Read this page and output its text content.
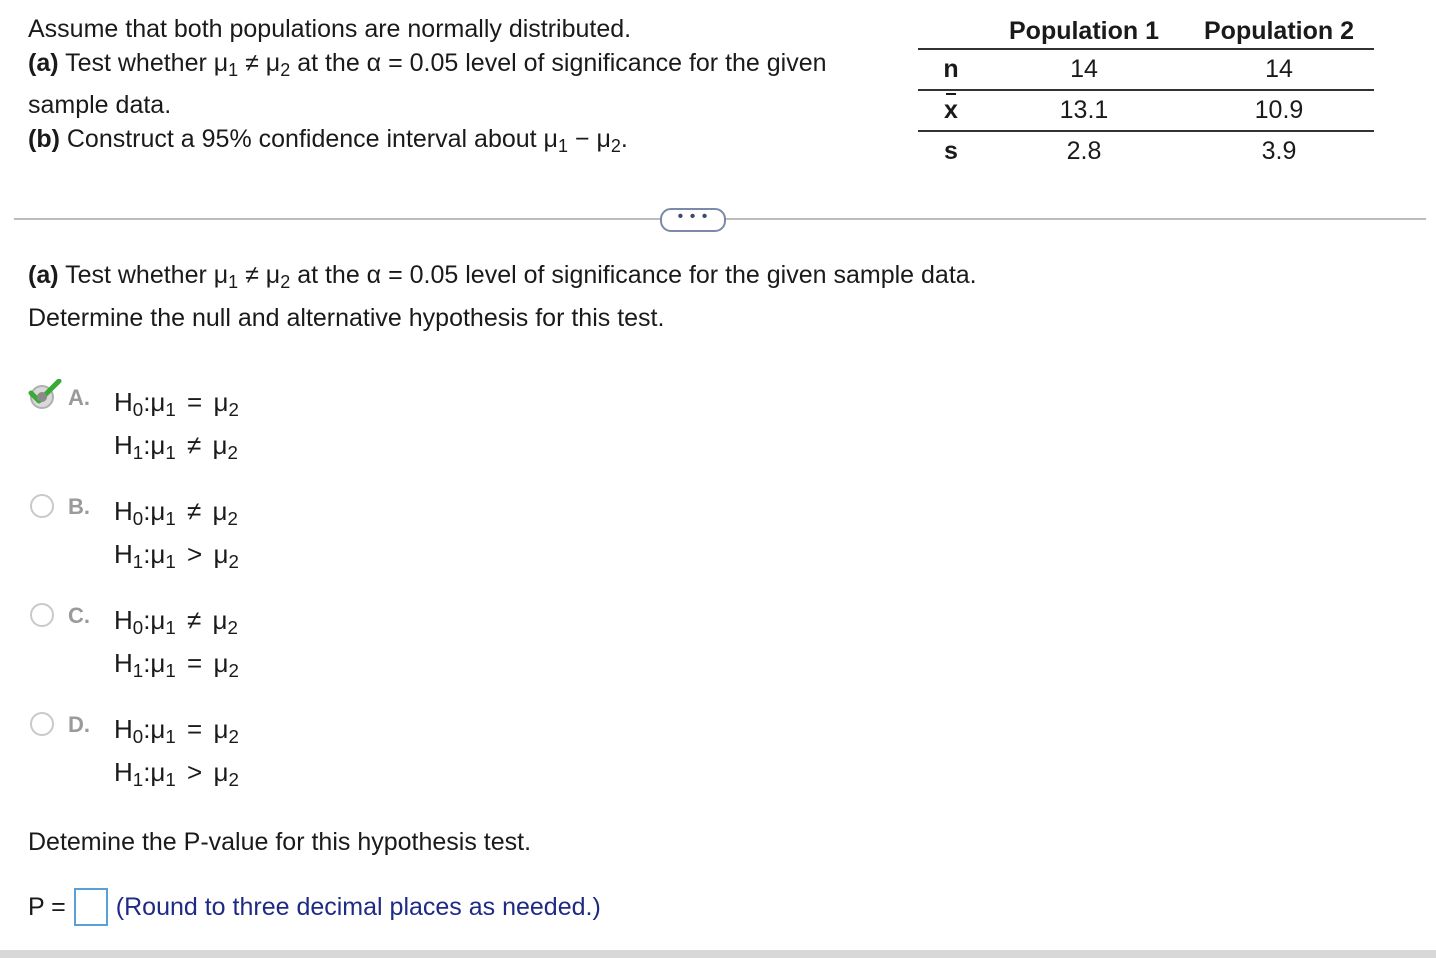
Assume that both populations are normally distributed.
(a) Test whether $\mu_1 \ne \mu_2$ at the α = 0.05 level of significance for the given
sample data.
(b) Construct a 95% confidence interval about $\mu_1 - \mu_2$.
	Population 1	Population 2
n	14	14
x	13.1	10.9
s	2.8	3.9
• • •
(a) Test whether $\mu_1 \ne \mu_2$ at the α = 0.05 level of significance for the given sample data.
Determine the null and alternative hypothesis for this test.
A. $H_0:\mu_1 = \mu_2$
$H_1:\mu_1 \ne \mu_2$
B. $H_0:\mu_1 \ne \mu_2$
$H_1:\mu_1 > \mu_2$
C. $H_0:\mu_1 \ne \mu_2$
$H_1:\mu_1 = \mu_2$
D. $H_0:\mu_1 = \mu_2$
$H_1:\mu_1 > \mu_2$
Detemine the P-value for this hypothesis test.
P = (Round to three decimal places as needed.)
